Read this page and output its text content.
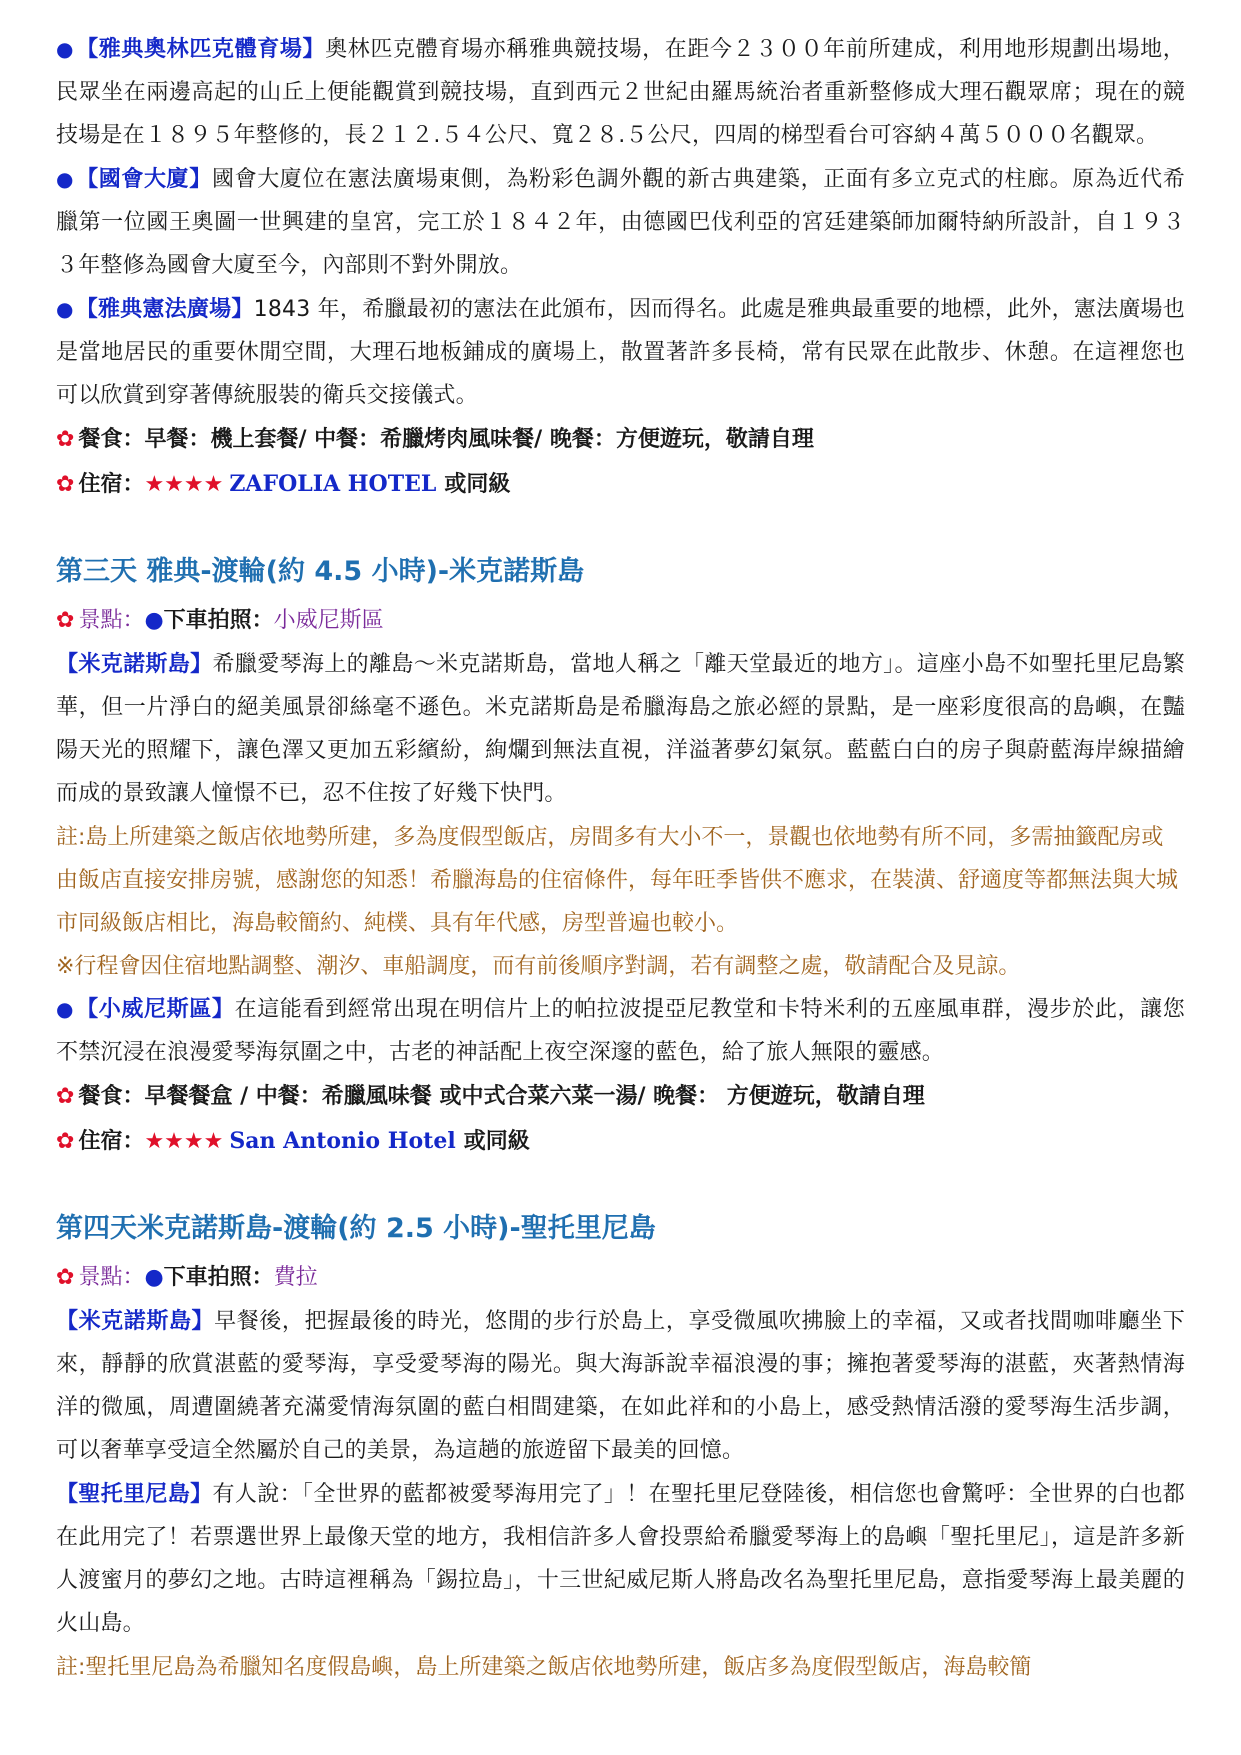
●【雅典奧林匹克體育場】奧林匹克體育場亦稱雅典競技場，在距今２３００年前所建成，利用地形規劃出場地，民眾坐在兩邊高起的山丘上便能觀賞到競技場，直到西元２世紀由羅馬統治者重新整修成大理石觀眾席；現在的競技場是在１８９５年整修的，長２１２.５４公尺、寬２８.５公尺，四周的梯型看台可容納４萬５０００名觀眾。

●【國會大廈】國會大廈位在憲法廣場東側，為粉彩色調外觀的新古典建築，正面有多立克式的柱廊。原為近代希臘第一位國王奧圖一世興建的皇宮，完工於１８４２年，由德國巴伐利亞的宮廷建築師加爾特納所設計，自１９３３年整修為國會大廈至今，內部則不對外開放。

●【雅典憲法廣場】1843 年，希臘最初的憲法在此頒布，因而得名。此處是雅典最重要的地標，此外，憲法廣場也是當地居民的重要休閒空間，大理石地板鋪成的廣場上，散置著許多長椅，常有民眾在此散步、休憩。在這裡您也可以欣賞到穿著傳統服裝的衛兵交接儀式。

✿ 餐食：早餐：機上套餐/ 中餐：希臘烤肉風味餐/ 晚餐：方便遊玩，敬請自理

✿ 住宿：★★★★ ZAFOLIA HOTEL 或同級

第三天 雅典-渡輪(約 4.5 小時)-米克諾斯島

✿ 景點：●下車拍照：小威尼斯區

【米克諾斯島】希臘愛琴海上的離島～米克諾斯島，當地人稱之「離天堂最近的地方」。這座小島不如聖托里尼島繁華，但一片淨白的絕美風景卻絲毫不遜色。米克諾斯島是希臘海島之旅必經的景點，是一座彩度很高的島嶼，在豔陽天光的照耀下，讓色澤又更加五彩繽紛，絢爛到無法直視，洋溢著夢幻氣氛。藍藍白白的房子與蔚藍海岸線描繪而成的景致讓人憧憬不已，忍不住按了好幾下快門。

註:島上所建築之飯店依地勢所建，多為度假型飯店，房間多有大小不一，景觀也依地勢有所不同，多需抽籤配房或由飯店直接安排房號，感謝您的知悉！希臘海島的住宿條件，每年旺季皆供不應求，在裝潢、舒適度等都無法與大城市同級飯店相比，海島較簡約、純樸、具有年代感，房型普遍也較小。

※行程會因住宿地點調整、潮汐、車船調度，而有前後順序對調，若有調整之處，敬請配合及見諒。

●【小威尼斯區】在這能看到經常出現在明信片上的帕拉波提亞尼教堂和卡特米利的五座風車群，漫步於此，讓您不禁沉浸在浪漫愛琴海氛圍之中，古老的神話配上夜空深邃的藍色，給了旅人無限的靈感。

✿ 餐食：早餐餐盒 / 中餐：希臘風味餐 或中式合菜六菜一湯/ 晚餐： 方便遊玩，敬請自理

✿ 住宿：★★★★ San Antonio Hotel 或同級

第四天米克諾斯島-渡輪(約 2.5 小時)-聖托里尼島

✿ 景點：●下車拍照：費拉

【米克諾斯島】早餐後，把握最後的時光，悠閒的步行於島上，享受微風吹拂臉上的幸福，又或者找間咖啡廳坐下來，靜靜的欣賞湛藍的愛琴海，享受愛琴海的陽光。與大海訴說幸福浪漫的事；擁抱著愛琴海的湛藍，夾著熱情海洋的微風，周遭圍繞著充滿愛情海氛圍的藍白相間建築，在如此祥和的小島上，感受熱情活潑的愛琴海生活步調，可以奢華享受這全然屬於自己的美景，為這趟的旅遊留下最美的回憶。

【聖托里尼島】有人說：「全世界的藍都被愛琴海用完了」！在聖托里尼登陸後，相信您也會驚呼：全世界的白也都在此用完了！若票選世界上最像天堂的地方，我相信許多人會投票給希臘愛琴海上的島嶼「聖托里尼」，這是許多新人渡蜜月的夢幻之地。古時這裡稱為「錫拉島」，十三世紀威尼斯人將島改名為聖托里尼島，意指愛琴海上最美麗的火山島。

註:聖托里尼島為希臘知名度假島嶼，島上所建築之飯店依地勢所建，飯店多為度假型飯店，海島較簡
